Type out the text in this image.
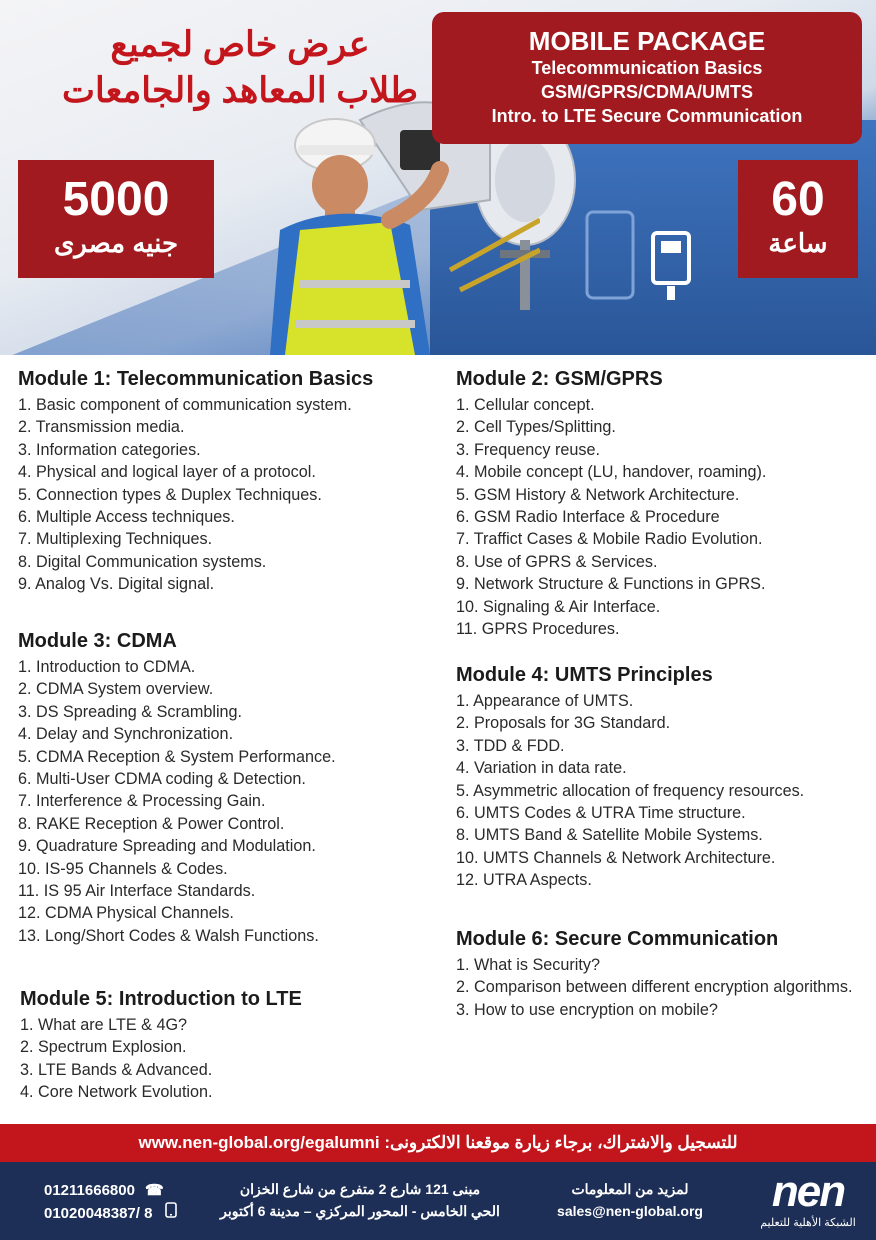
عرض خاص لجميع
طلاب المعاهد والجامعات
MOBILE PACKAGE
Telecommunication Basics
GSM/GPRS/CDMA/UMTS
Intro. to LTE Secure Communication
5000
جنيه مصرى
60
ساعة
Module 1: Telecommunication Basics
1. Basic component of communication system.
2. Transmission media.
3. Information categories.
4. Physical and logical layer of a protocol.
5. Connection types & Duplex Techniques.
6. Multiple Access techniques.
7. Multiplexing Techniques.
8. Digital Communication systems.
9. Analog Vs. Digital signal.
Module 2: GSM/GPRS
1. Cellular concept.
2. Cell Types/Splitting.
3. Frequency reuse.
4. Mobile concept (LU, handover, roaming).
5. GSM History & Network Architecture.
6. GSM Radio Interface & Procedure
7. Traffict Cases & Mobile Radio Evolution.
8. Use of GPRS & Services.
9. Network Structure & Functions in GPRS.
10. Signaling & Air Interface.
11. GPRS Procedures.
Module 3: CDMA
1. Introduction to CDMA.
2. CDMA System overview.
3. DS Spreading & Scrambling.
4. Delay and Synchronization.
5. CDMA Reception & System Performance.
6. Multi-User CDMA coding & Detection.
7. Interference & Processing Gain.
8. RAKE Reception & Power Control.
9. Quadrature Spreading and Modulation.
10. IS-95 Channels & Codes.
11. IS 95 Air Interface Standards.
12. CDMA Physical Channels.
13. Long/Short Codes & Walsh Functions.
Module 4: UMTS Principles
1. Appearance of UMTS.
2. Proposals for 3G Standard.
3. TDD & FDD.
4. Variation in data rate.
5. Asymmetric allocation of frequency resources.
6. UMTS Codes & UTRA Time structure.
8. UMTS Band & Satellite Mobile Systems.
10. UMTS Channels & Network Architecture.
12. UTRA Aspects.
Module 5: Introduction to LTE
1. What are LTE & 4G?
2. Spectrum Explosion.
3. LTE Bands & Advanced.
4. Core Network Evolution.
Module 6: Secure Communication
1. What is Security?
2. Comparison between different encryption algorithms.
3. How to use encryption on mobile?
www.nen-global.org/egalumni للتسجيل والاشتراك، برجاء زيارة موقعنا الالكترونى:
01211666800 ☎
01020048387/ 8
مبنى 121 شارع 2 متفرع من شارع الخزان
الحي الخامس - المحور المركزي – مدينة 6 أكتوبر
لمزيد من المعلومات
sales@nen-global.org	nen
الشبكة الأهلية للتعليم
